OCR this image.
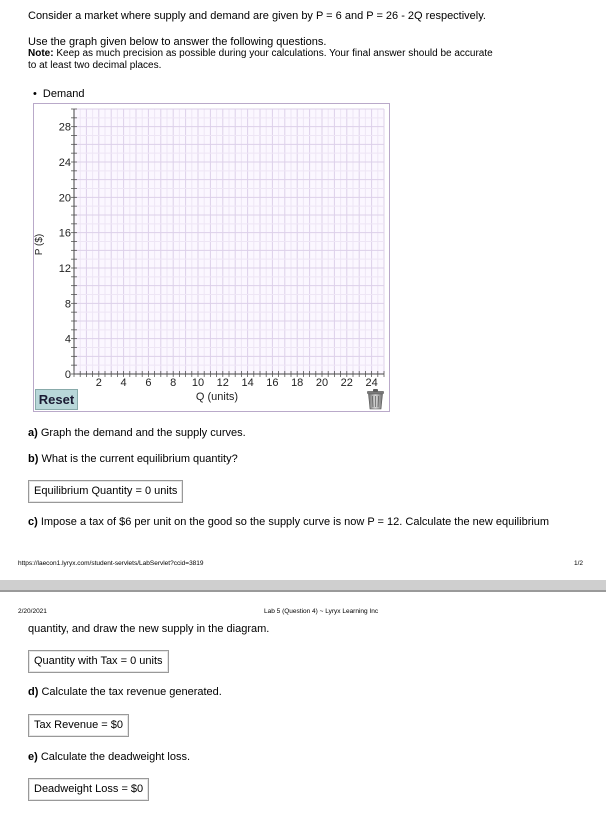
Consider a market where supply and demand are given by P = 6 and P = 26 - 2Q respectively.
Use the graph given below to answer the following questions.
Note: Keep as much precision as possible during your calculations. Your final answer should be accurate
to at least two decimal places.
• Demand
2 4 6 8 10 12 14 16 18 20 22 24
28
24
20
16
12
8
4
0
Q (units)
P ($)
Reset
a) Graph the demand and the supply curves.
b) What is the current equilibrium quantity?
Equilibrium Quantity = 0 units
c) Impose a tax of $6 per unit on the good so the supply curve is now P = 12. Calculate the new equilibrium
https://laecon1.lyryx.com/student-servlets/LabServlet?ccid=3819	1/2
2/20/2021	Lab 5 (Question 4) ~ Lyryx Learning Inc
quantity, and draw the new supply in the diagram.
Quantity with Tax = 0 units
d) Calculate the tax revenue generated.
Tax Revenue = $0
e) Calculate the deadweight loss.
Deadweight Loss = $0
